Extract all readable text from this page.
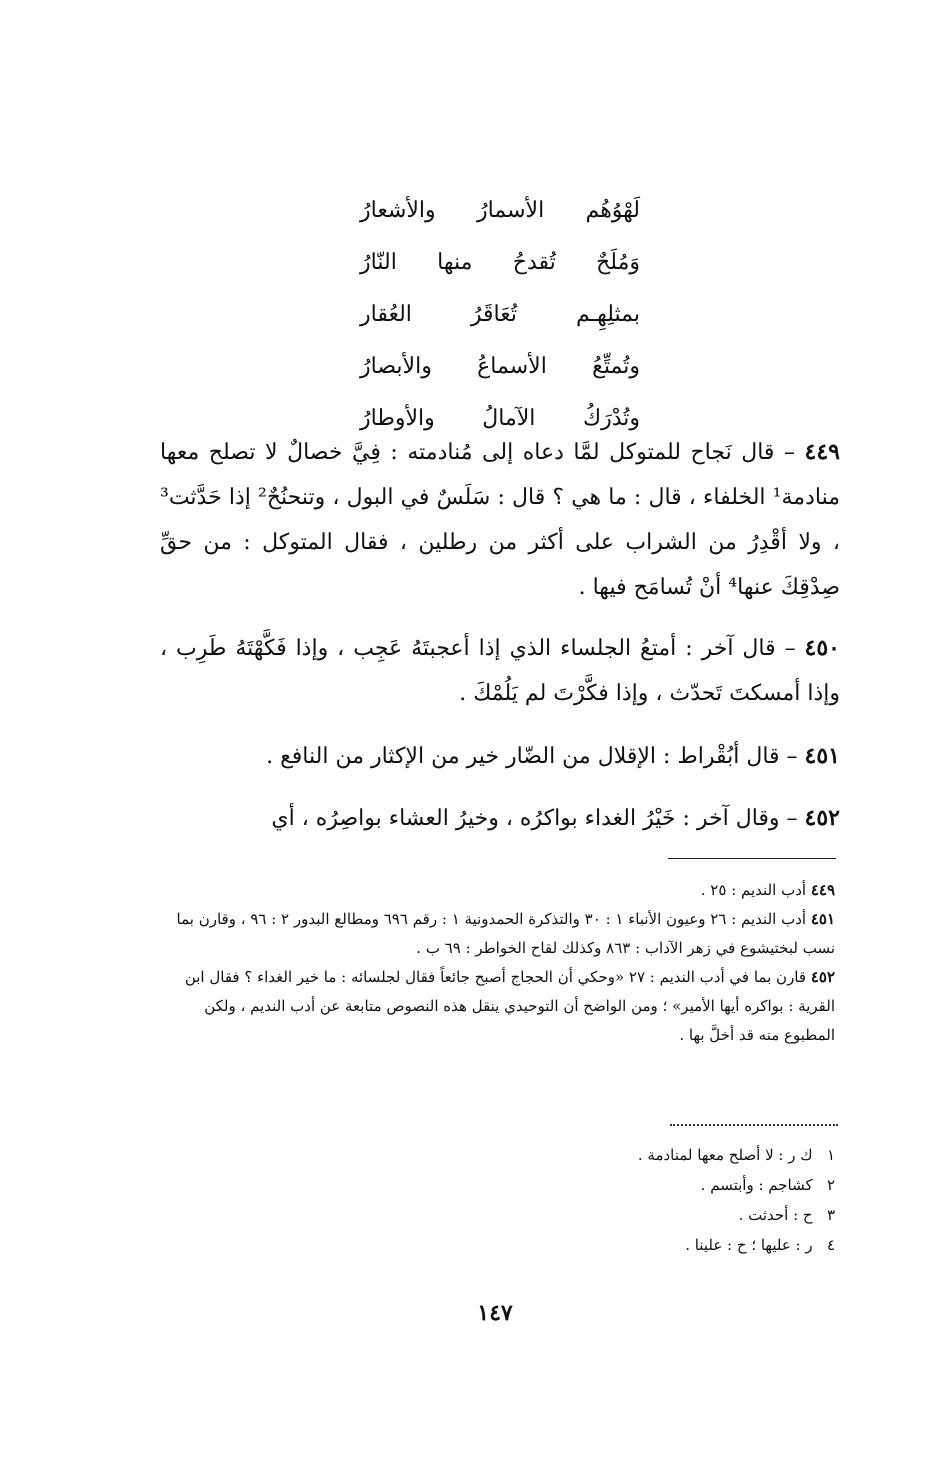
لَهْوُهُم
الأسمارُ
والأشعارُ
وَمُلَحٌ
تُقدحُ
منها
النّارُ
بمثلِهِـم
تُعَاقَرُ
العُقار
وتُمتِّعُ
الأسماعُ
والأبصارُ
وتُدْرَكُ
الآمالُ
والأوطارُ
٤٤٩ – قال نَجاح للمتوكل لمَّا دعاه إلى مُنادمته : فِيَّ خصالٌ لا تصلح معها منادمة¹ الخلفاء ، قال : ما هي ؟ قال : سَلَسٌ في البول ، وتنحنُحٌ² إذا حَدَّثت³ ، ولا أقْدِرُ من الشراب على أكثر من رطلين ، فقال المتوكل : من حقِّ صِدْقِكَ عنها⁴ أنْ تُسامَح فيها .
٤٥٠ – قال آخر : أمتعُ الجلساء الذي إذا أعجبتَهُ عَجِب ، وإذا فَكَّهْتَهُ طَرِب ، وإذا أمسكتَ تَحدّث ، وإذا فكَّرْتَ لم يَلُمْكَ .
٤٥١ – قال أبُقْراط : الإقلال من الضّار خير من الإكثار من النافع .
٤٥٢ – وقال آخر : خَيْرُ الغداء بواكرُه ، وخيرُ العشاء بواصِرُه ، أي

٤٤٩ أدب النديم : ٢٥ .

٤٥١ أدب النديم : ٢٦ وعيون الأنباء ١ : ٣٠ والتذكرة الحمدونية ١ : رقم ٦٩٦ ومطالع البدور ٢ : ٩٦ ، وقارن بما نسب لبختيشوع في زهر الآداب : ٨٦٣ وكذلك لقاح الخواطر : ٦٩ ب .

٤٥٢ قارن بما في أدب النديم : ٢٧ «وحكي أن الحجاج أصبح جائعاً فقال لجلسائه : ما خير الغداء ؟ فقال ابن القرية : بواكره أيها الأمير» ؛ ومن الواضح أن التوحيدي ينقل هذه النصوص متابعة عن أدب النديم ، ولكن المطبوع منه قد أخلَّ بها .

١   ك ر : لا أصلح معها لمنادمة .

٢   كشاجم : وأبتسم .

٣   ح : أحدثت .

٤   ر : عليها ؛ ح : علينا .

١٤٧
